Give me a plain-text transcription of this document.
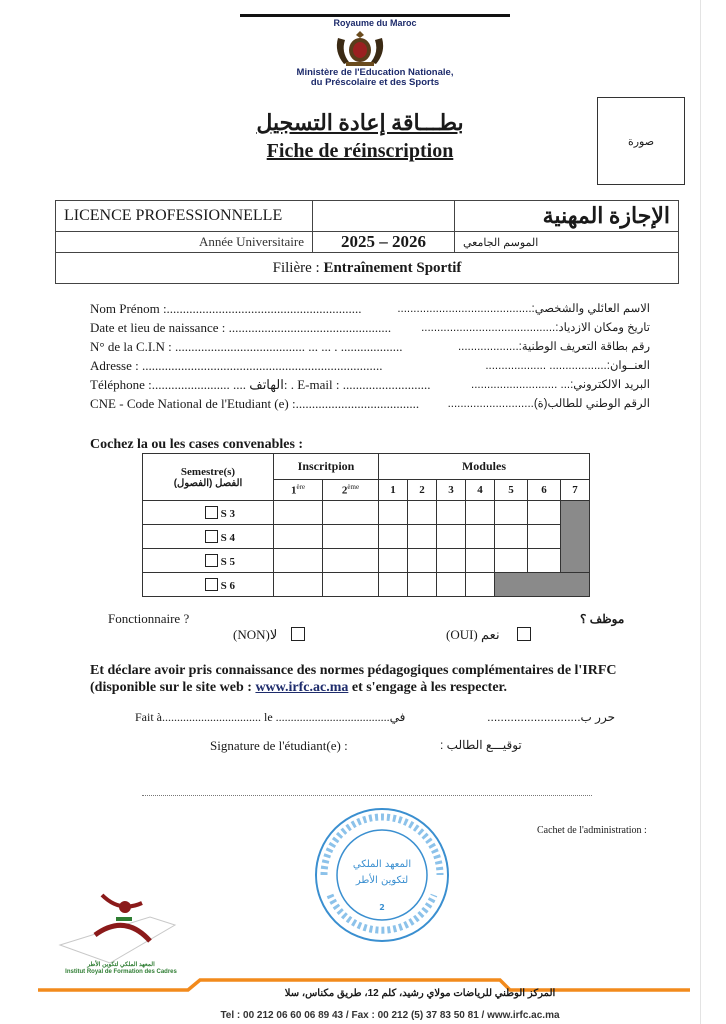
Royaume du Maroc
Ministère de l'Education Nationale,
du Préscolaire et des Sports
بطـــاقة إعادة التسجيل
Fiche de réinscription	صورة
LICENCE PROFESSIONNELLE		الإجازة المهنية
Année Universitaire	2025 – 2026	الموسم الجامعي
Filière : Entraînement Sportif		
Nom Prénom :............................................................	الاسم العائلي والشخصي:..........................................
Date et lieu de naissance : ..................................................	تاريخ ومكان الازدياد:..........................................
N° de la C.I.N : ........................................ ... ... . ...................	رقم بطاقة التعريف الوطنية:...................
Adresse : ..........................................................................	العنــوان:.................. ...................
Téléphone :........................ .... الهاتف: . E-mail : ...........................	البريد الالكتروني:... ...........................
CNE - Code National de l'Etudiant (e) :...................................... الرقم الوطني للطالب(ة)...........................
Cochez la ou les cases convenables :
Semestre(s)
الفصل (الفصول)	Inscritpion		Modules						
	1ère	2ème	1	2	3	4	5	6	7
S 3									
S 4									
S 5									
S 6									
Fonctionnaire ?	موظف ؟
(NON)لا	(OUI) نعم
Et déclare avoir pris connaissance des normes pédagogiques complémentaires de l'IRFC (disponible sur le site web : www.irfc.ac.ma et s'engage à les respecter.
Fait à................................. le ......................................في	حرر ب............................
Signature de l'étudiant(e) :	توقيـــع الطالب :
Cachet de l'administration :
المعهد الملكي
لتكوين الأطر
2
المعهد الملكي لتكوين الأطر
Institut Royal de Formation des Cadres
المركز الوطني للرياضات مولاي رشيد، كلم 12، طريق مكناس، سلا
Tel : 00 212 06 60 06 89 43 / Fax : 00 212 (5) 37 83 50 81 / www.irfc.ac.ma
